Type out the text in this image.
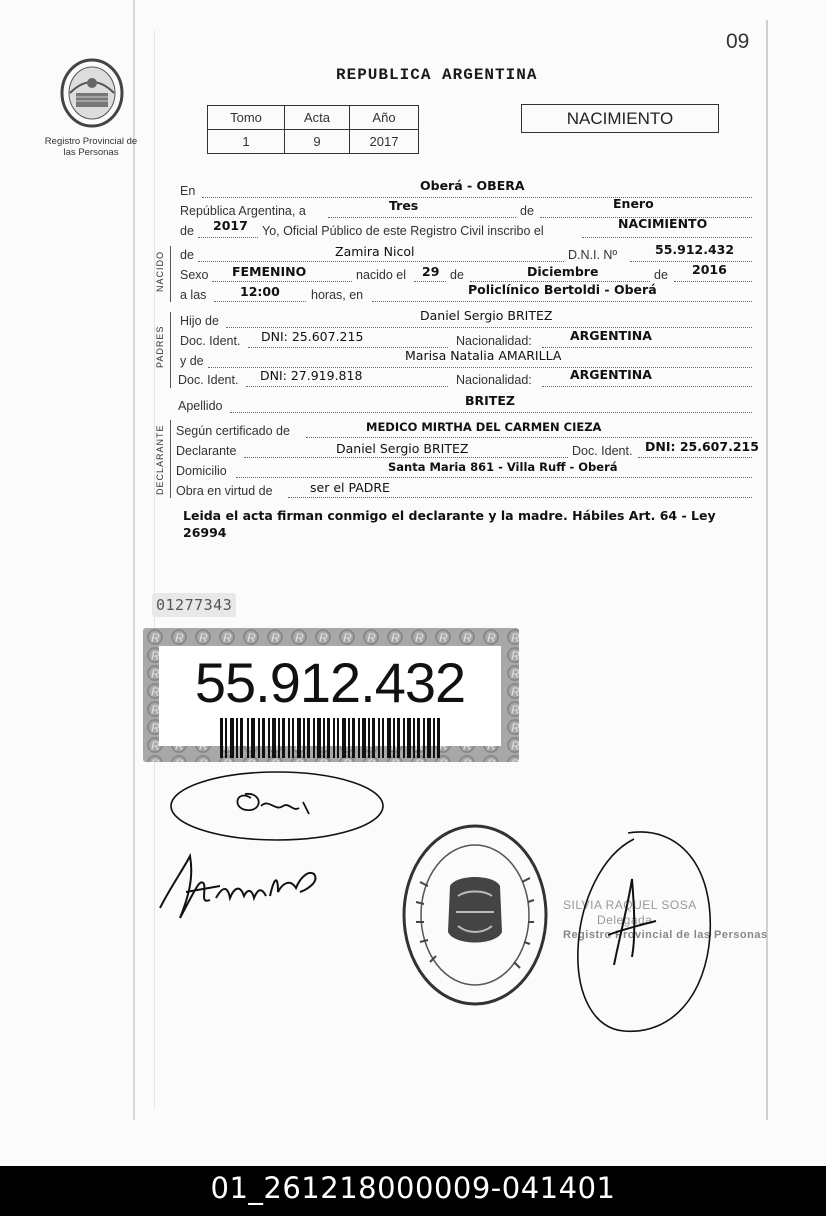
09
Registro Provincial de las Personas
REPUBLICA ARGENTINA
Tomo	Acta	Año
1	9	2017
NACIMIENTO
En	Oberá - OBERA
República Argentina, a	Tres	de	Enero
de 2017 Yo, Oficial Público de este Registro Civil inscribo el	NACIMIENTO
NACIDO de	Zamira Nicol	D.N.I. Nº	55.912.432
Sexo FEMENINO	nacido el 29 de	Diciembre	de 2016
a las	12:00 horas, en	Policlínico Bertoldi - Oberá
PADRES
Hijo de	Daniel Sergio BRITEZ
Doc. Ident. DNI: 25.607.215	Nacionalidad:	ARGENTINA
y de	Marisa Natalia AMARILLA
Doc. Ident. DNI: 27.919.818	Nacionalidad:	ARGENTINA
Apellido	BRITEZ
DECLARANTE Según certificado de	MEDICO MIRTHA DEL CARMEN CIEZA
Declarante	Daniel Sergio BRITEZ	Doc. Ident. DNI: 25.607.215
Domicilio	Santa Maria 861 - Villa Ruff - Oberá
Obra en virtud de	ser el PADRE
Leida el acta firman conmigo el declarante y la madre. Hábiles Art. 64 - Ley 26994
01277343
55.912.432
SILVIA RAQUEL SOSA
Delegada
Registro Provincial de las Personas
01_261218000009-041401
